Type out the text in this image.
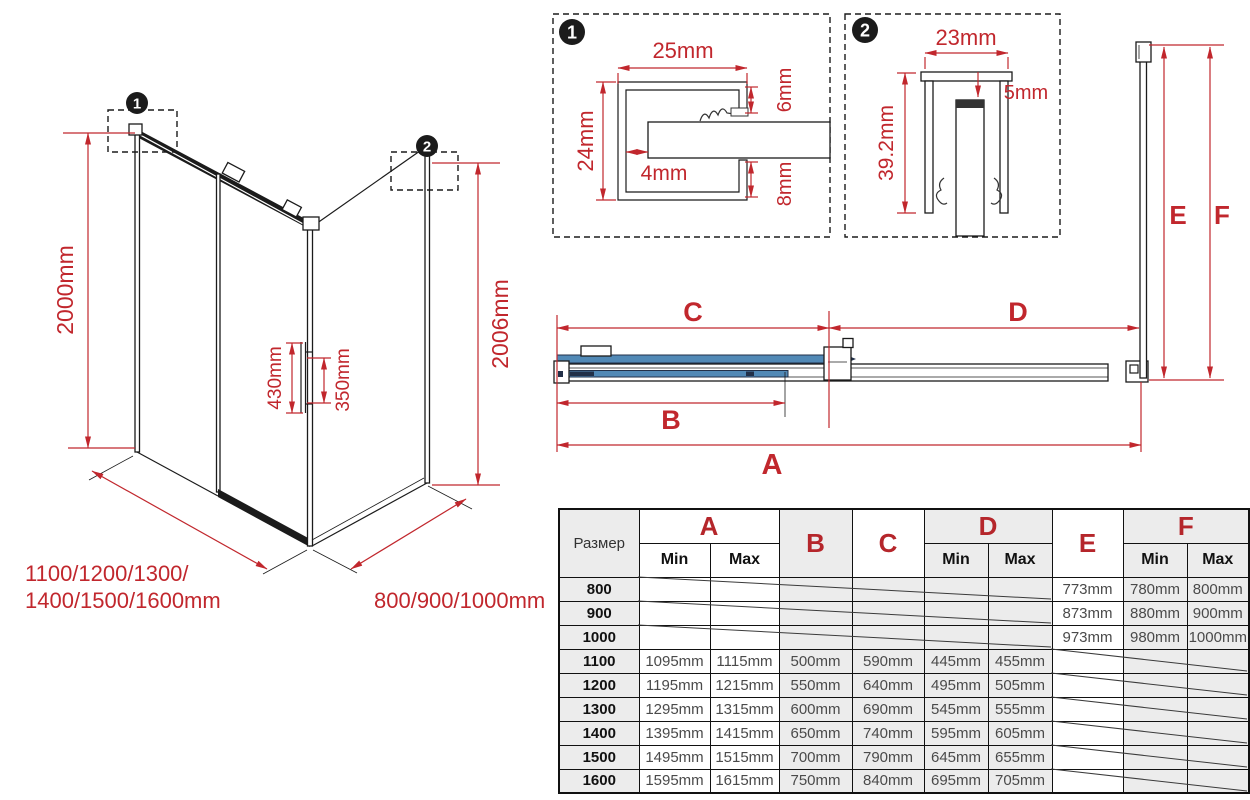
1
2
2000mm	2006mm
430mm 350mm
1100/1200/1300/
1400/1500/1600mm	800/900/1000mm
1
25mm
24mm
4mm
6mm
8mm
2	23mm
5mm
39.2mm
C	D
B
A
E F
Размер	A		B	C	D		E	F	
	Min	Max			Min	Max		Min	Max
800							773mm	780mm	800mm
900							873mm	880mm	900mm
1000							973mm	980mm	1000mm
1100	1095mm	1115mm	500mm	590mm	445mm	455mm			
1200	1195mm	1215mm	550mm	640mm	495mm	505mm			
1300	1295mm	1315mm	600mm	690mm	545mm	555mm			
1400	1395mm	1415mm	650mm	740mm	595mm	605mm			
1500	1495mm	1515mm	700mm	790mm	645mm	655mm			
1600	1595mm	1615mm	750mm	840mm	695mm	705mm			
